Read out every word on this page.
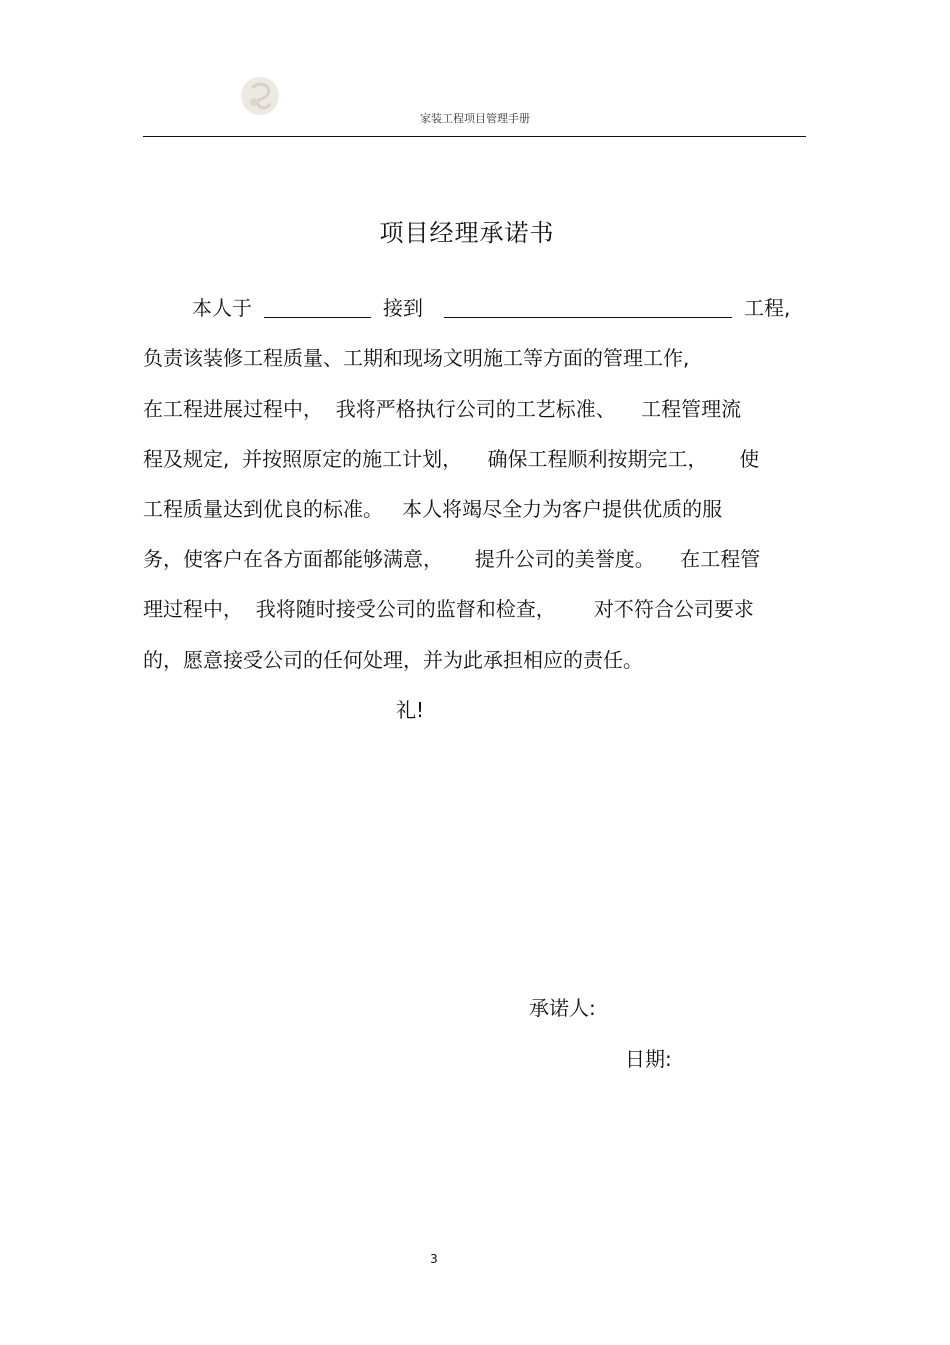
家装工程项目管理手册
项目经理承诺书
本人于	接到	工程,
负责该装修工程质量、工期和现场文明施工等方面的管理工作,
在工程进展过程中，  我将严格执行公司的工艺标准、    工程管理流
程及规定,  并按照原定的施工计划，    确保工程顺利按期完工，     使
工程质量达到优良的标准。   本人将竭尽全力为客户提供优质的服
务，使客户在各方面都能够满意，     提升公司的美誉度。    在工程管
理过程中，  我将随时接受公司的监督和检查，      对不符合公司要求
的，愿意接受公司的任何处理，并为此承担相应的责任。
礼!
承诺人:
日期:
3
